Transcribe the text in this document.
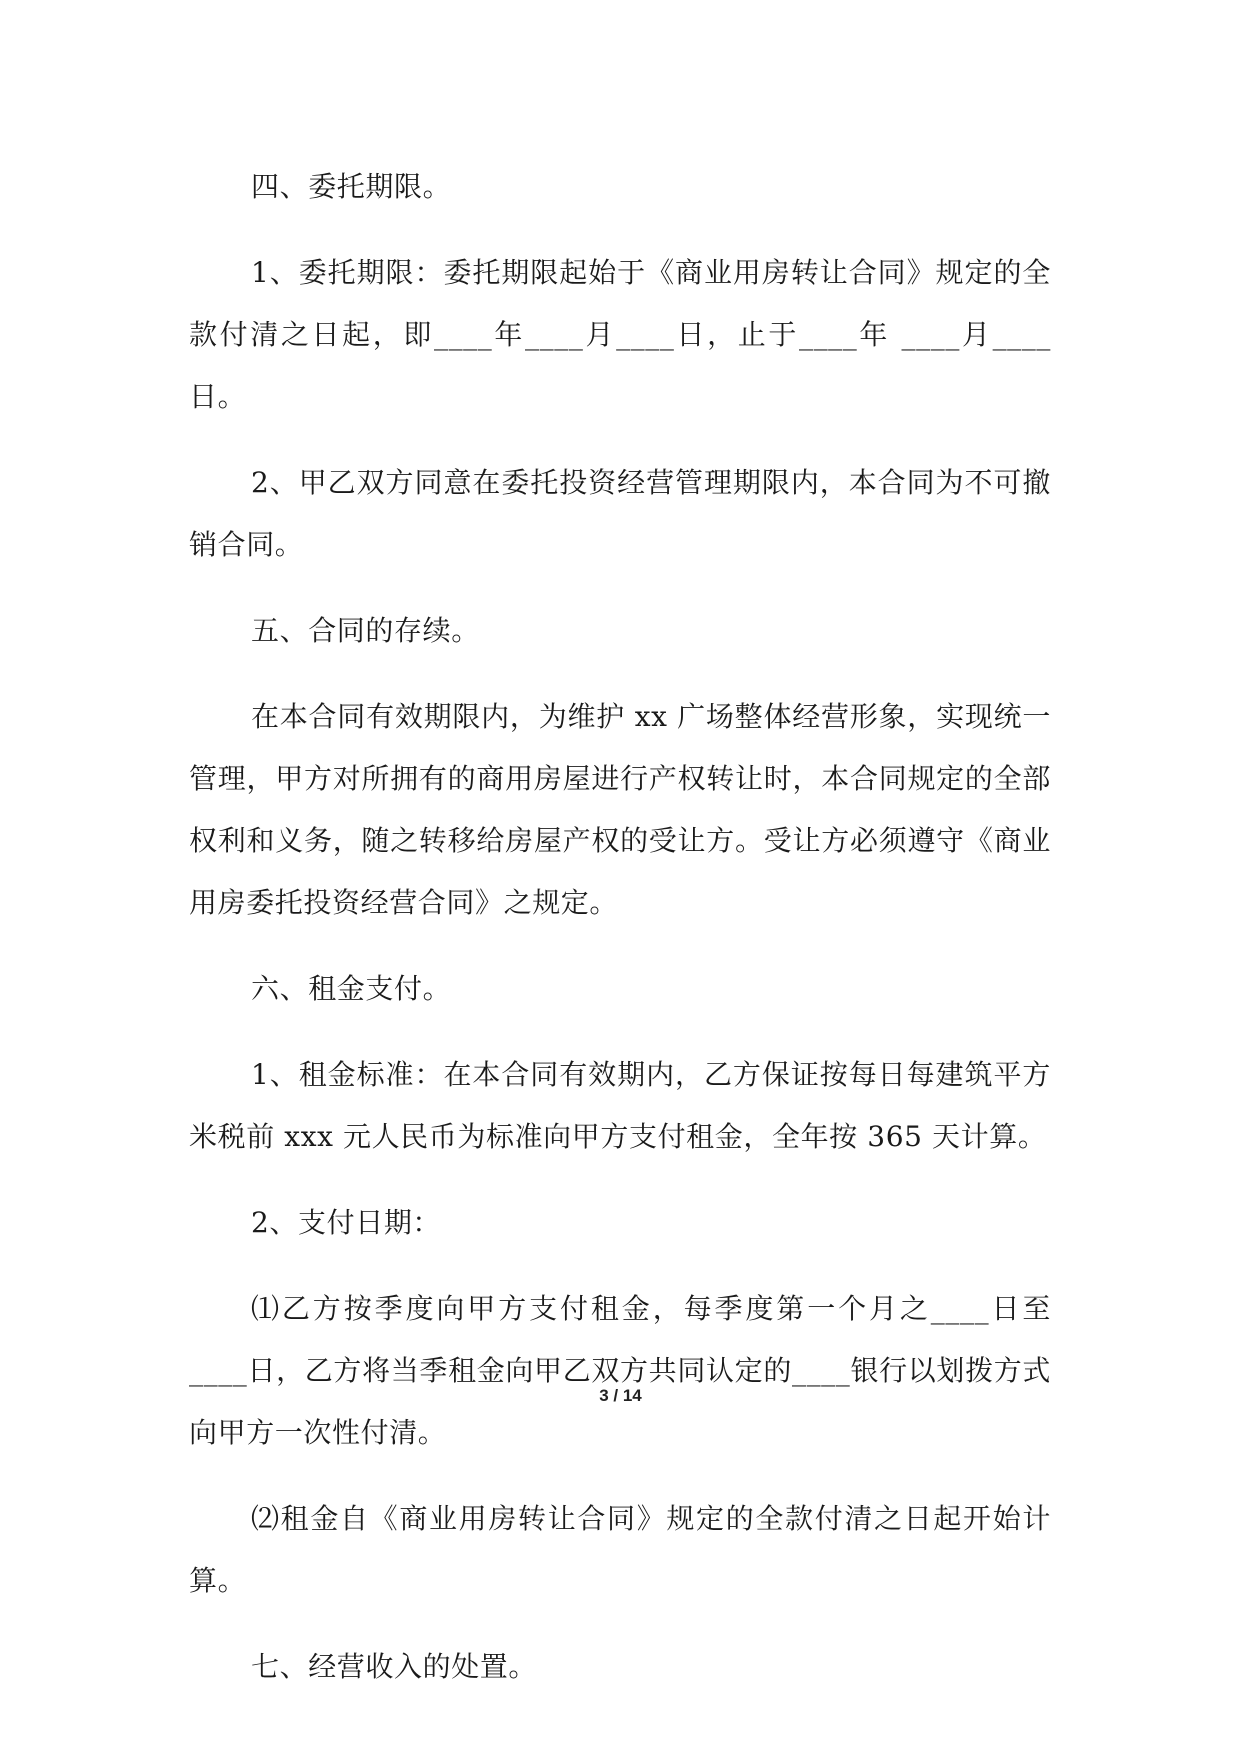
四、委托期限。

1、委托期限：委托期限起始于《商业用房转让合同》规定的全款付清之日起，即____年____月____日，止于____年 ____月____日。

2、甲乙双方同意在委托投资经营管理期限内，本合同为不可撤销合同。

五、合同的存续。

在本合同有效期限内，为维护 xx 广场整体经营形象，实现统一管理，甲方对所拥有的商用房屋进行产权转让时，本合同规定的全部权利和义务，随之转移给房屋产权的受让方。受让方必须遵守《商业用房委托投资经营合同》之规定。

六、租金支付。

1、租金标准：在本合同有效期内，乙方保证按每日每建筑平方米税前 xxx 元人民币为标准向甲方支付租金，全年按 365 天计算。

2、支付日期：

⑴乙方按季度向甲方支付租金，每季度第一个月之____日至____日，乙方将当季租金向甲乙双方共同认定的____银行以划拨方式向甲方一次性付清。

⑵租金自《商业用房转让合同》规定的全款付清之日起开始计算。

七、经营收入的处置。

3 / 14
